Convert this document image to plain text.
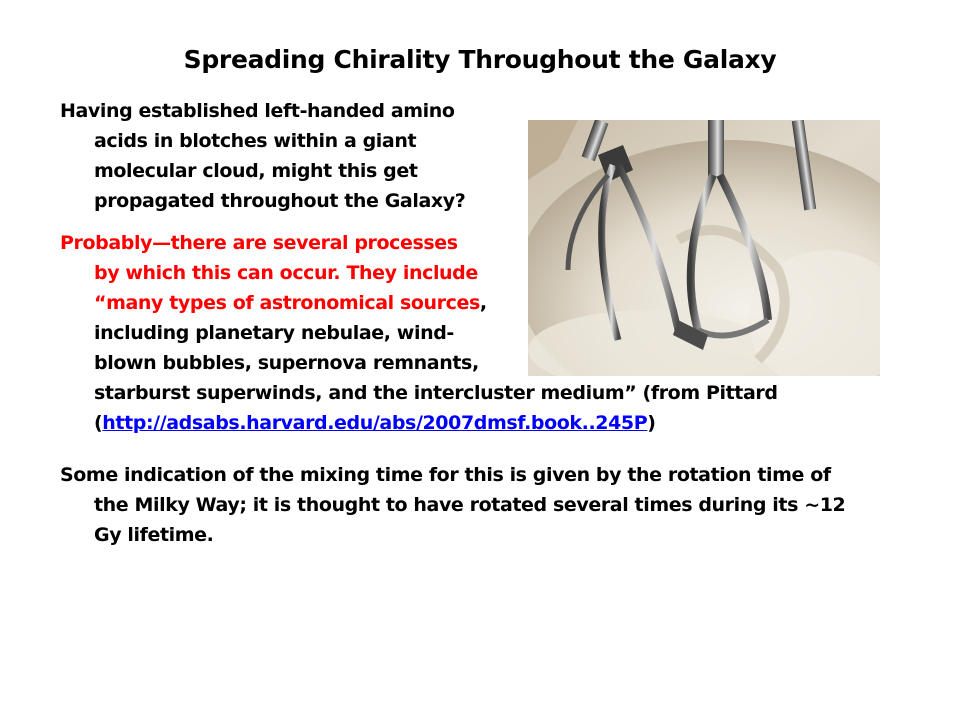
Spreading Chirality Throughout the Galaxy

Having established left-handed amino
acids in blotches within a giant
molecular cloud, might this get
propagated throughout the Galaxy?

Probably—there are several processes
by which this can occur. They include
“many types of astronomical sources,
including planetary nebulae, wind-
blown bubbles, supernova remnants,
starburst superwinds, and the intercluster medium” (from Pittard
(http://adsabs.harvard.edu/abs/2007dmsf.book..245P)

Some indication of the mixing time for this is given by the rotation time of
the Milky Way; it is thought to have rotated several times during its ~12
Gy lifetime.
